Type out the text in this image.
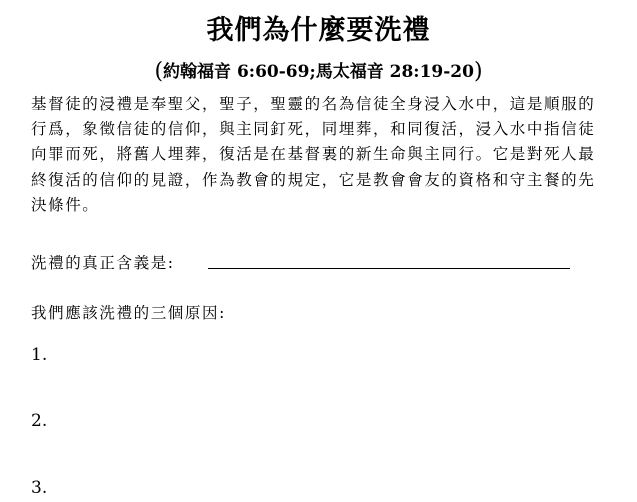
我們為什麼要洗禮
(約翰福音 6:60-69;馬太福音 28:19-20)
基督徒的浸禮是奉聖父，聖子，聖靈的名為信徒全身浸入水中，這是順服的行爲，象徵信徒的信仰，與主同釘死，同埋葬，和同復活，浸入水中指信徒向罪而死，將舊人埋葬，復活是在基督裏的新生命與主同行。它是對死人最終復活的信仰的見證，作為教會的規定，它是教會會友的資格和守主餐的先決條件。
洗禮的真正含義是:
我們應該洗禮的三個原因:
1.
2.
3.
